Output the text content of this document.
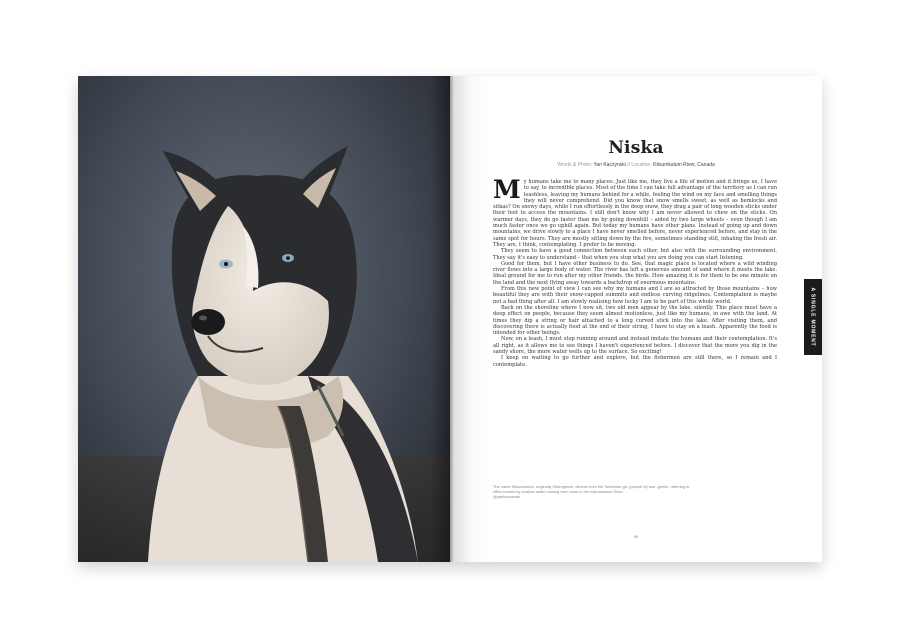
Niska
Words & Photo: Yan Kaczynski // Location: Kitsumkalum River, Canada

My humans take me to many places. Just like me, they live a life of motion and it brings us, I have to say, to incredible places. Most of the time I can take full advantage of the territory as I can run leashless, leaving my humans behind for a while, feeling the wind on my face and smelling things they will never comprehend. Did you know that snow smells sweet, as well as hemlocks and sitkas? On snowy days, while I run effortlessly in the deep snow, they drag a pair of long wooden sticks under their feet to access the mountains. I still don't know why I am never allowed to chew on the sticks. On warmer days, they do go faster than me by going downhill – aided by two large wheels – even though I am much faster once we go uphill again. But today my humans have other plans. Instead of going up and down mountains, we drive slowly to a place I have never smelled before, never experienced before, and stay in the same spot for hours. They are mostly sitting down by the fire, sometimes standing still, inhaling the fresh air. They are, I think, contemplating. I prefer to be moving.

They seem to have a good connection between each other, but also with the surrounding environment. They say it's easy to understand – that when you stop what you are doing you can start listening.

Good for them, but I have other business to do. See, that magic place is located where a wild winding river flows into a large body of water. The river has left a generous amount of sand where it meets the lake. Ideal ground for me to run after my other friends, the birds. How amazing it is for them to be one minute on the land and the next flying away towards a backdrop of enormous mountains.

From this new point of view I can see why my humans and I are so attracted by those mountains – how beautiful they are with their snow-capped summits and endless curving ridgelines. Contemplation is maybe not a bad thing after all. I am slowly realising how lucky I am to be part of this whole world.

Back on the shoreline where I now sit, two old men appear by the lake, silently. This place must have a deep effect on people, because they seem almost motionless, just like my humans, in awe with the land. At times they dip a string or hair attached to a long curved stick into the lake. After visiting them, and discovering there is actually food at the end of their string, I have to stay on a leash. Apparently the food is intended for other beings.

Now, on a leash, I must stop running around and instead imitate the humans and their contemplation. It's all right, as it allows me to see things I haven't experienced before. I discover that the more you dig in the sandy shore, the more water wells up to the surface. So exciting!

I keep on waiting to go further and explore, but the fishermen are still there, so I remain and I contemplate.

The name Kitsumkalum, originally Gitsmgeelm, derives from the Tsimshian git- (people of) and -geelm, referring to riffles formed by shallow water running over rocks in the Kitsumkalum River.
@yankaczynski
95
A SINGLE MOMENT
